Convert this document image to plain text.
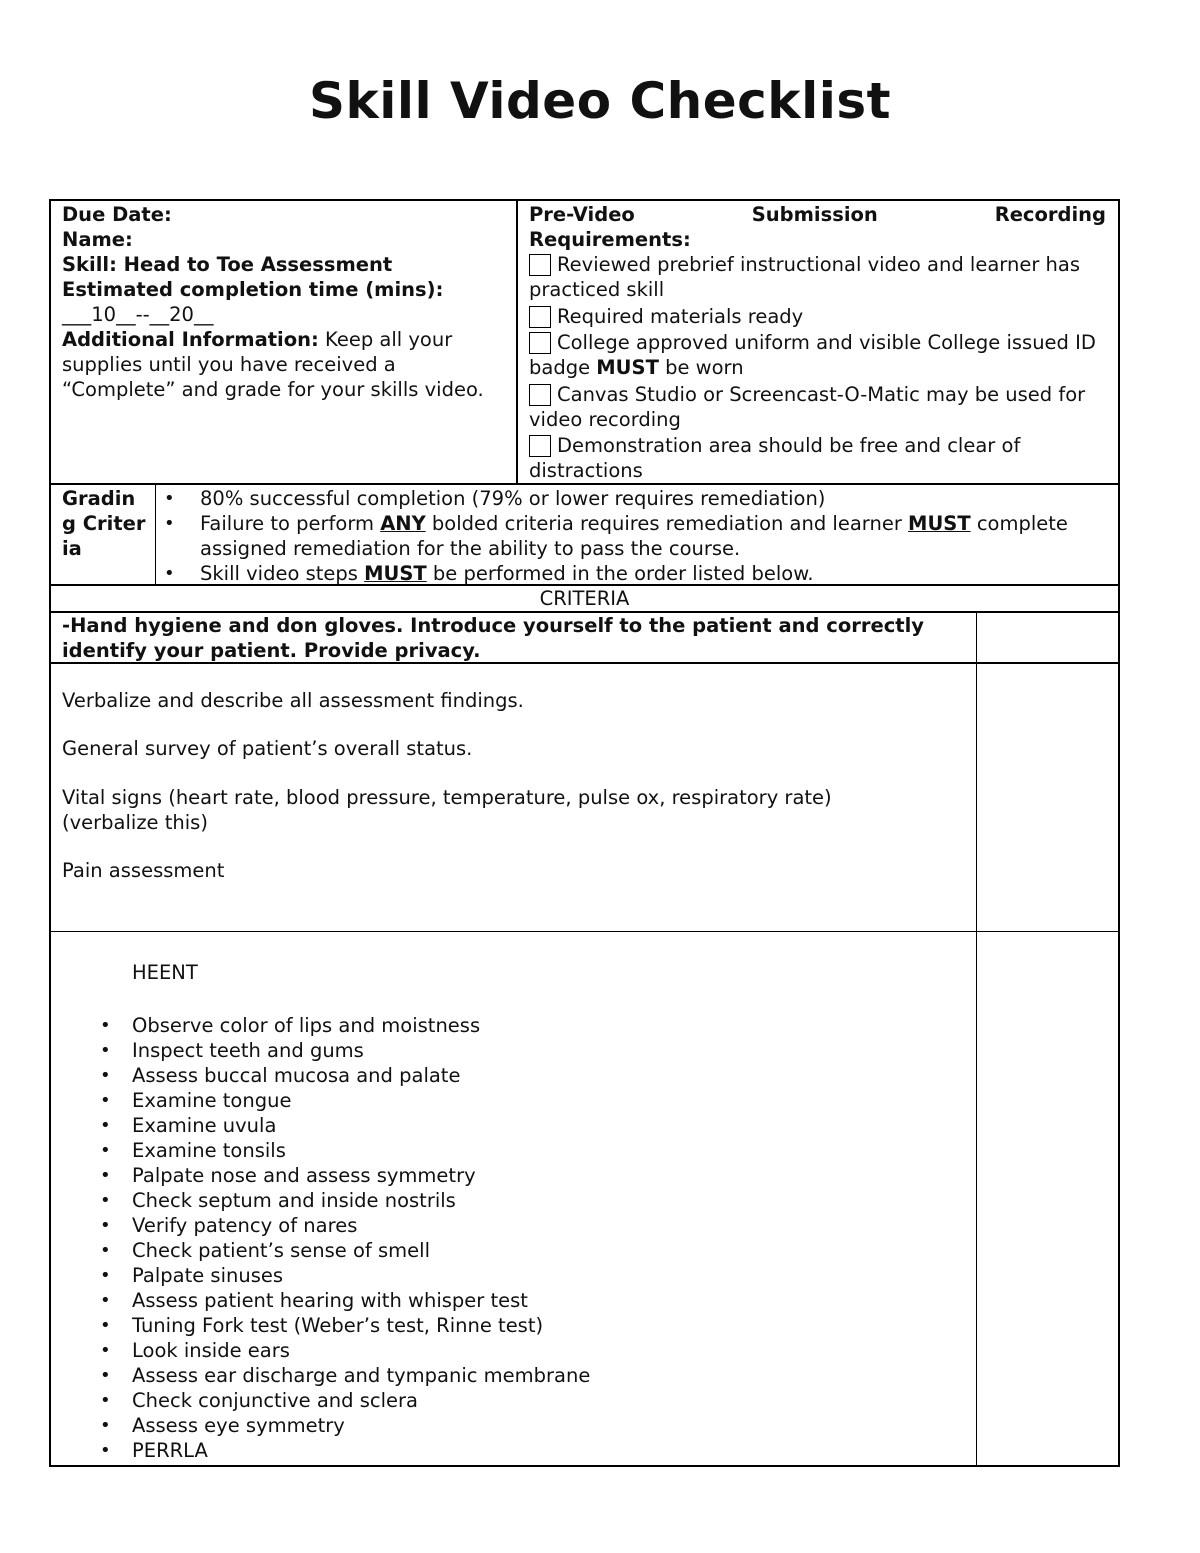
Skill Video Checklist
Due Date:
Name:
Skill: Head to Toe Assessment
Estimated completion time (mins):
___10__--__20__
Additional Information: Keep all your supplies until you have received a “Complete” and grade for your skills video.
Pre-Video	Submission	Recording
Requirements:
Reviewed prebrief instructional video and learner has practiced skill
Required materials ready
College approved uniform and visible College issued ID badge MUST be worn
Canvas Studio or Screencast-O-Matic may be used for video recording
Demonstration area should be free and clear of distractions
Grading Criteria
• 80% successful completion (79% or lower requires remediation)
• Failure to perform ANY bolded criteria requires remediation and learner MUST complete assigned remediation for the ability to pass the course.
• Skill video steps MUST be performed in the order listed below.
CRITERIA
-Hand hygiene and don gloves. Introduce yourself to the patient and correctly identify your patient. Provide privacy.
Verbalize and describe all assessment findings.
General survey of patient’s overall status.
Vital signs (heart rate, blood pressure, temperature, pulse ox, respiratory rate) (verbalize this)
Pain assessment
HEENT
• Observe color of lips and moistness
• Inspect teeth and gums
• Assess buccal mucosa and palate
• Examine tongue
• Examine uvula
• Examine tonsils
• Palpate nose and assess symmetry
• Check septum and inside nostrils
• Verify patency of nares
• Check patient’s sense of smell
• Palpate sinuses
• Assess patient hearing with whisper test
• Tuning Fork test (Weber’s test, Rinne test)
• Look inside ears
• Assess ear discharge and tympanic membrane
• Check conjunctive and sclera
• Assess eye symmetry
• PERRLA
